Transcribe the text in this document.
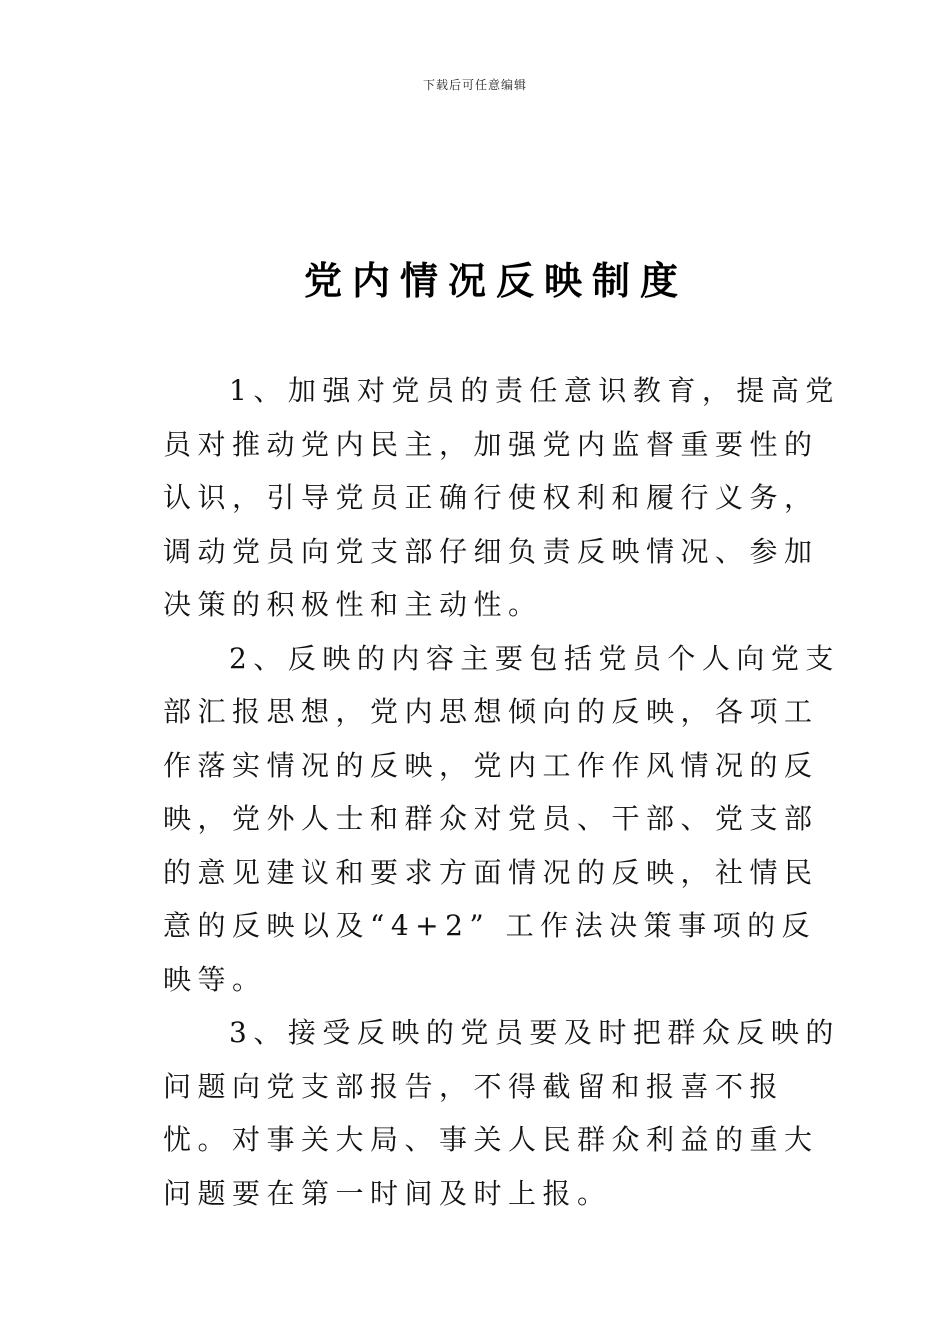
下载后可任意编辑
党内情况反映制度

1、加强对党员的责任意识教育，提高党员对推动党内民主，加强党内监督重要性的认识，引导党员正确行使权利和履行义务，调动党员向党支部仔细负责反映情况、参加决策的积极性和主动性。

2、反映的内容主要包括党员个人向党支部汇报思想，党内思想倾向的反映，各项工作落实情况的反映，党内工作作风情况的反映，党外人士和群众对党员、干部、党支部的意见建议和要求方面情况的反映，社情民意的反映以及“4+2” 工作法决策事项的反映等。

3、接受反映的党员要及时把群众反映的问题向党支部报告，不得截留和报喜不报忧。对事关大局、事关人民群众利益的重大问题要在第一时间及时上报。
